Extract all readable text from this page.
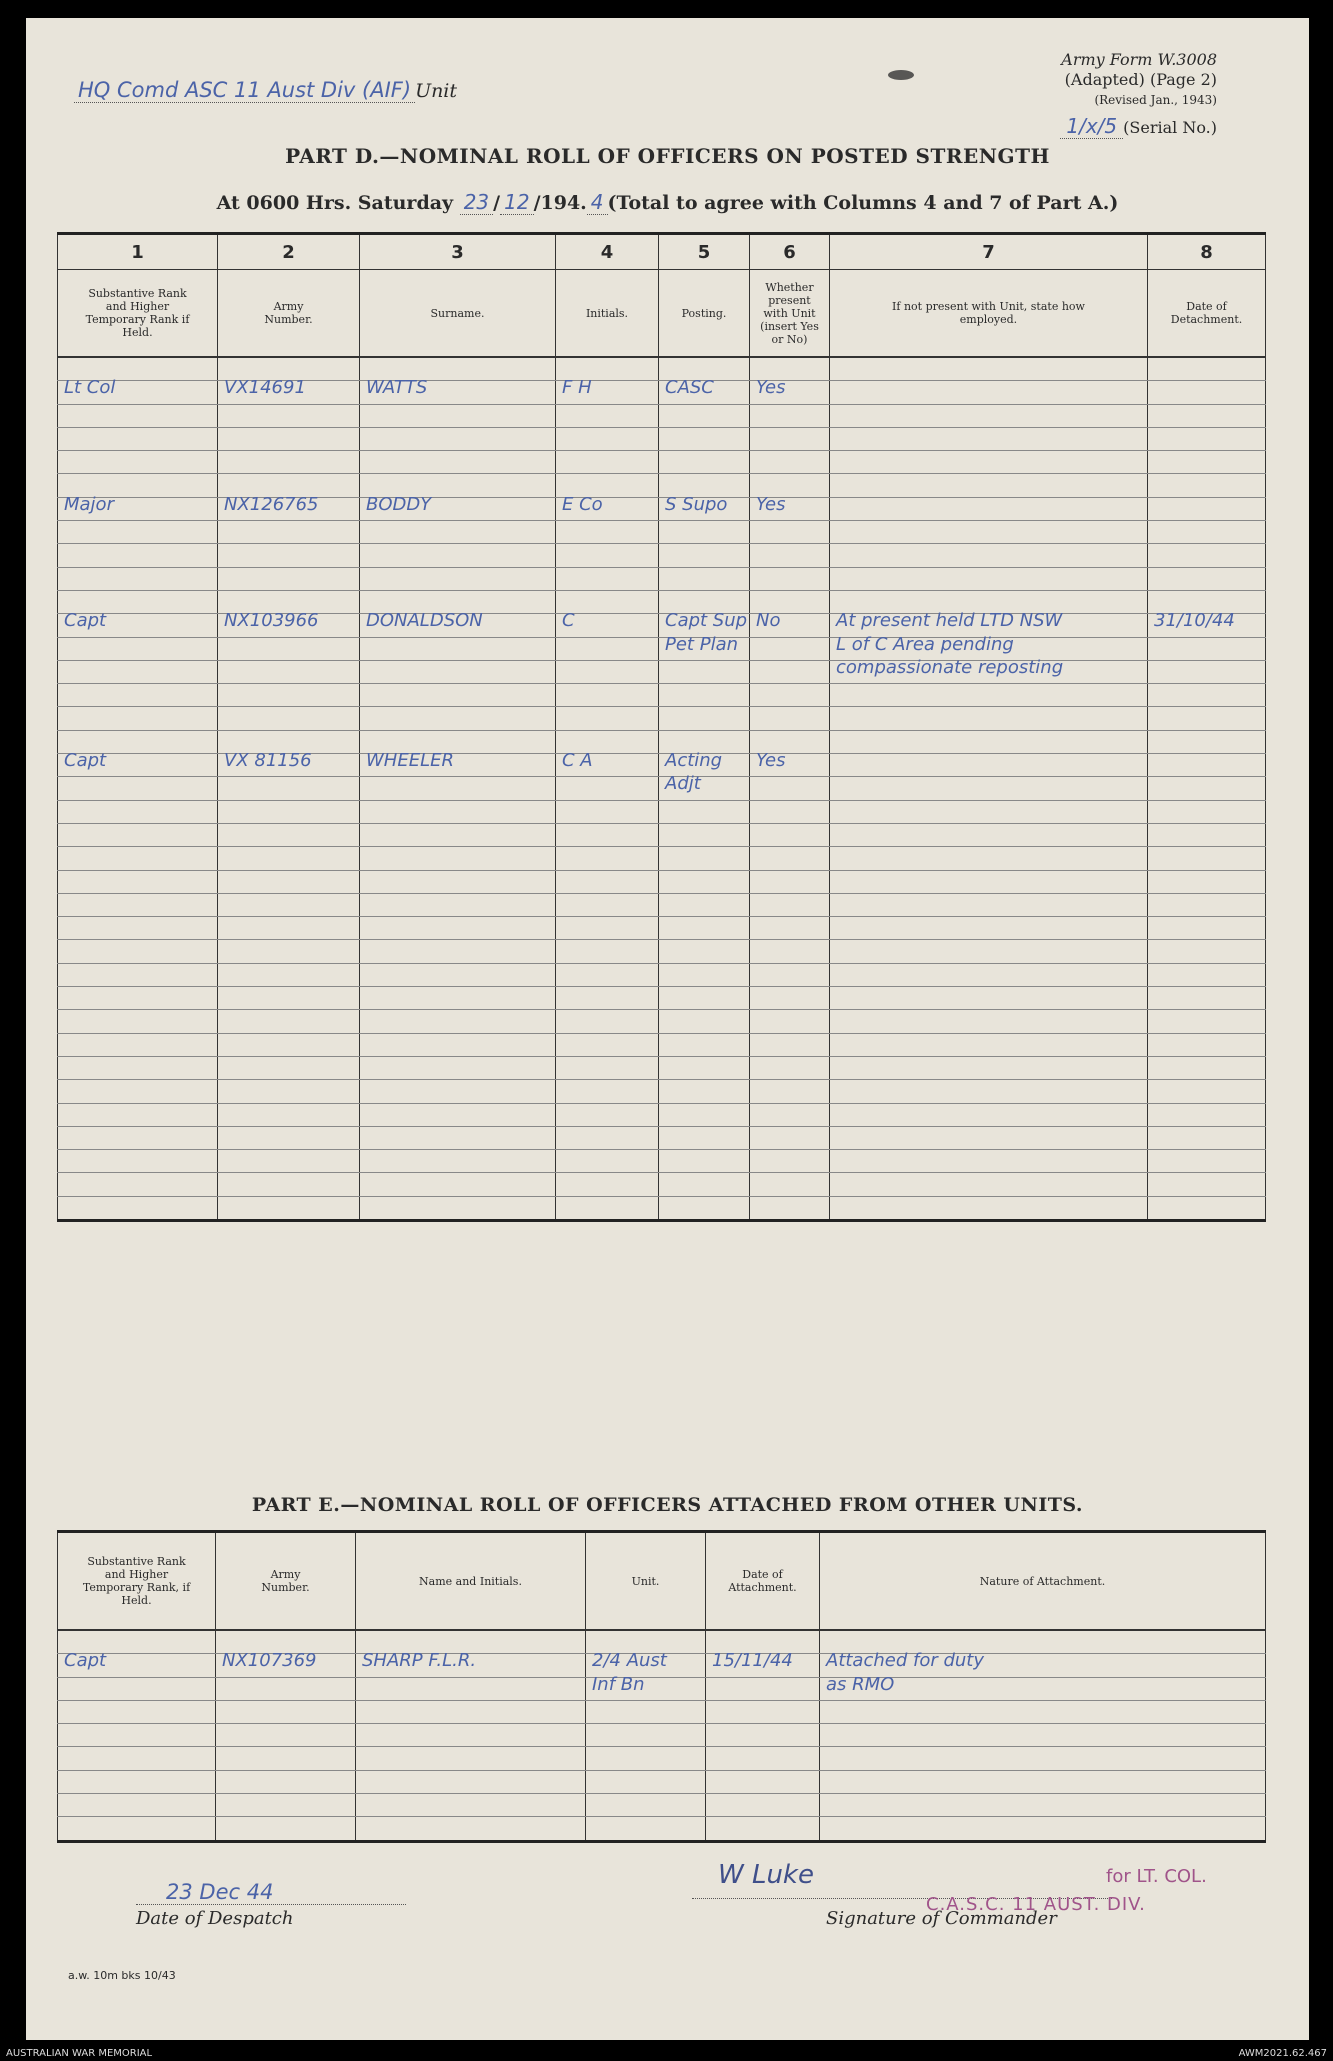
HQ Comd ASC 11 Aust Div (AIF) Unit
Army Form W.3008
(Adapted) (Page 2)
(Revised Jan., 1943)
1/x/5 (Serial No.)
PART D.—NOMINAL ROLL OF OFFICERS ON POSTED STRENGTH
At 0600 Hrs. Saturday 23 / 12 /194. 4 (Total to agree with Columns 4 and 7 of Part A.)
1	2	3	4	5	6	7	8
Substantive Rank and Higher Temporary Rank if Held.	Army Number.	Surname.	Initials.	Posting.	Whether present with Unit (insert Yes or No)	If not present with Unit, state how employed.	Date of Detachment.

Lt Col	VX14691	WATTS	F H	CASC	Yes		

Major	NX126765	BODDY	E Co	S Supo	Yes		

Capt	NX103966	DONALDSON	C	Capt Sup	No	At present held LTD NSW	31/10/44

				Pet Plan		L of C Area pending	

						compassionate reposting	

Capt	VX 81156	WHEELER	C A	Acting	Yes		

				Adjt			

PART E.—NOMINAL ROLL OF OFFICERS ATTACHED FROM OTHER UNITS.
Substantive Rank and Higher Temporary Rank, if Held.	Army Number.	Name and Initials.	Unit.	Date of Attachment.	Nature of Attachment.

Capt	NX107369	SHARP F.L.R.	2/4 Aust	15/11/44	Attached for duty

			Inf Bn		as RMO

23 Dec 44
Date of Despatch
W Luke	for LT. COL.
C.A.S.C. 11 AUST. DIV.
Signature of Commander
a.w. 10m bks 10/43
AUSTRALIAN WAR MEMORIAL	AWM2021.62.467
